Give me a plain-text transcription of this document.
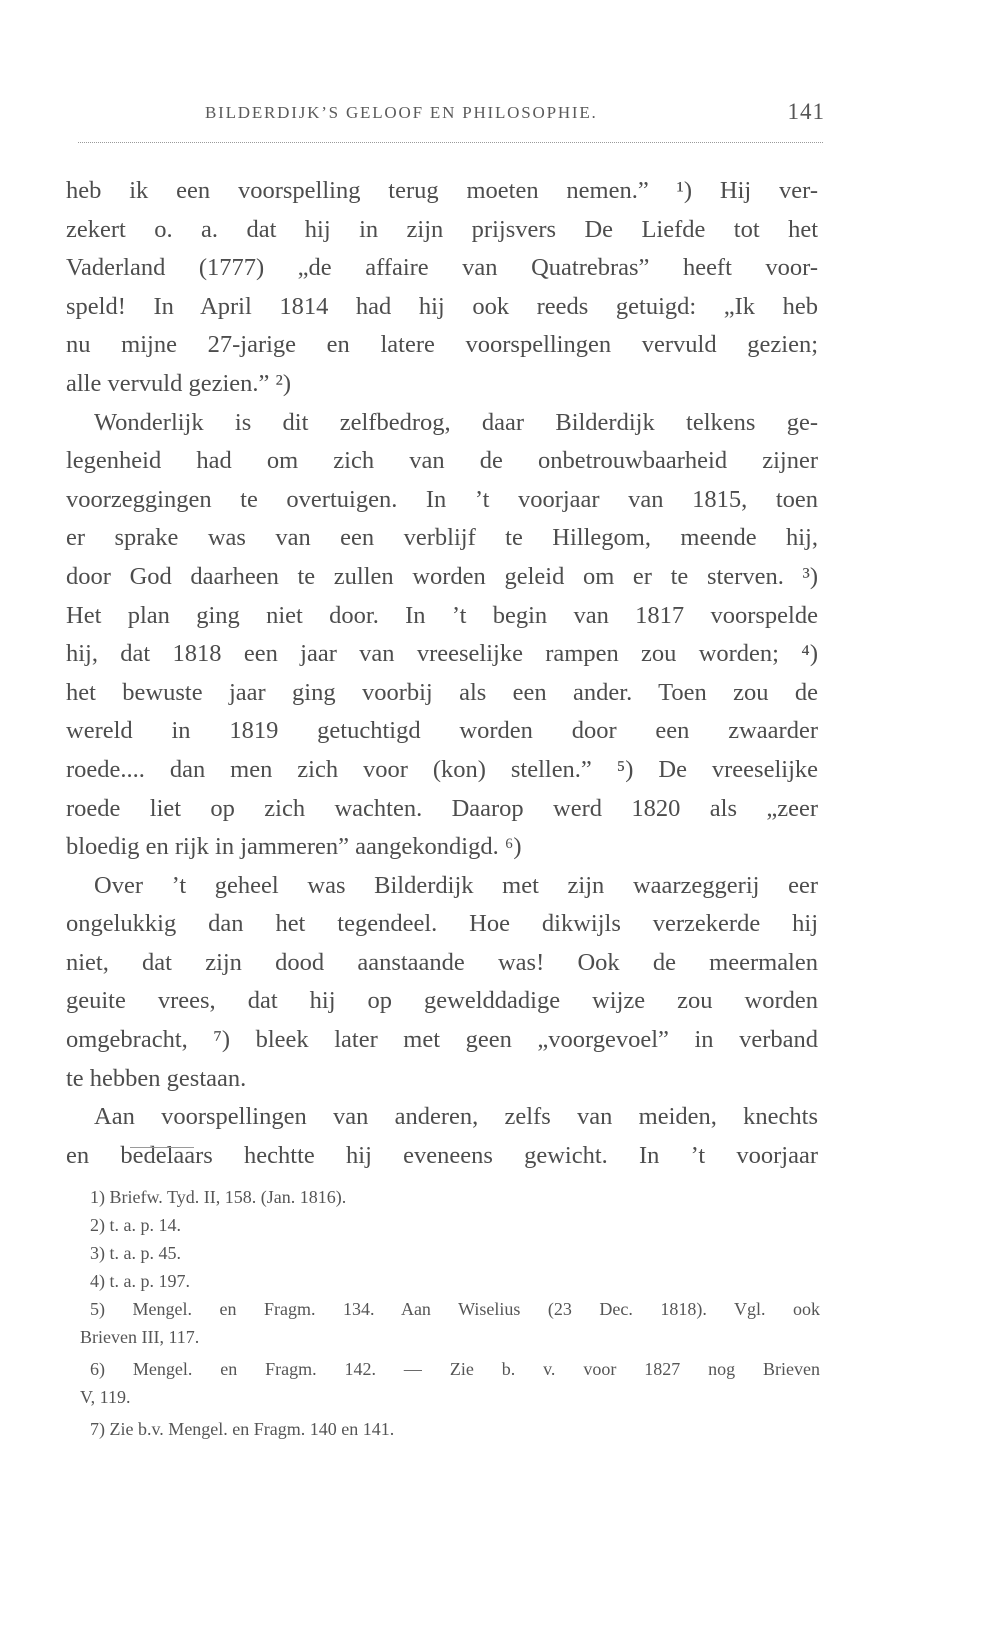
BILDERDIJK’S GELOOF EN PHILOSOPHIE.	141
heb ik een voorspelling terug moeten nemen.” ¹) Hij ver-
zekert o. a. dat hij in zijn prijsvers De Liefde tot het
Vaderland (1777) „de affaire van Quatrebras” heeft voor-
speld! In April 1814 had hij ook reeds getuigd: „Ik heb
nu mijne 27-jarige en latere voorspellingen vervuld gezien;
alle vervuld gezien.” ²)
Wonderlijk is dit zelfbedrog, daar Bilderdijk telkens ge-
legenheid had om zich van de onbetrouwbaarheid zijner
voorzeggingen te overtuigen. In ’t voorjaar van 1815, toen
er sprake was van een verblijf te Hillegom, meende hij,
door God daarheen te zullen worden geleid om er te sterven. ³)
Het plan ging niet door. In ’t begin van 1817 voorspelde
hij, dat 1818 een jaar van vreeselijke rampen zou worden; ⁴)
het bewuste jaar ging voorbij als een ander. Toen zou de
wereld in 1819 getuchtigd worden door een zwaarder
roede.... dan men zich voor (kon) stellen.” ⁵) De vreeselijke
roede liet op zich wachten. Daarop werd 1820 als „zeer
bloedig en rijk in jammeren” aangekondigd. ⁶)
Over ’t geheel was Bilderdijk met zijn waarzeggerij eer
ongelukkig dan het tegendeel. Hoe dikwijls verzekerde hij
niet, dat zijn dood aanstaande was! Ook de meermalen
geuite vrees, dat hij op gewelddadige wijze zou worden
omgebracht, ⁷) bleek later met geen „voorgevoel” in verband
te hebben gestaan.
Aan voorspellingen van anderen, zelfs van meiden, knechts
en bedelaars hechtte hij eveneens gewicht. In ’t voorjaar
1) Briefw. Tyd. II, 158. (Jan. 1816).
2) t. a. p. 14.
3) t. a. p. 45.
4) t. a. p. 197.
5) Mengel. en Fragm. 134. Aan Wiselius (23 Dec. 1818). Vgl. ook
Brieven III, 117.
6) Mengel. en Fragm. 142. — Zie b. v. voor 1827 nog Brieven
V, 119.
7) Zie b.v. Mengel. en Fragm. 140 en 141.
